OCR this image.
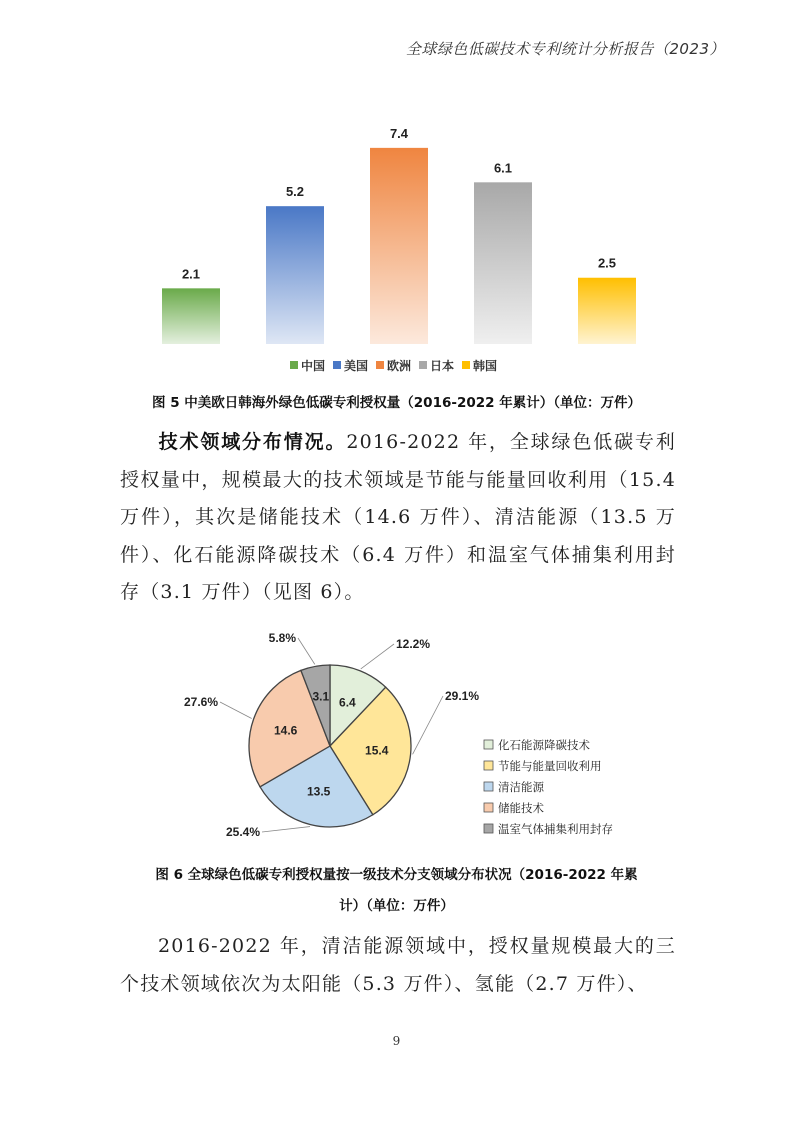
全球绿色低碳技术专利统计分析报告（2023）
2.1
5.2
7.4
6.1
2.5
中国 美国 欧洲 日本 韩国
图 5 中美欧日韩海外绿色低碳专利授权量（2016-2022 年累计）（单位：万件）
技术领域分布情况。2016-2022 年，全球绿色低碳专利授权量中，规模最大的技术领域是节能与能量回收利用（15.4 万件），其次是储能技术（14.6 万件）、清洁能源（13.5 万件）、化石能源降碳技术（6.4 万件）和温室气体捕集利用封存（3.1 万件）（见图 6）。
6.4
12.2%
15.4
29.1%
13.5
25.4%
14.6
27.6%	3.1
5.8%
化石能源降碳技术
节能与能量回收利用
清洁能源
储能技术
温室气体捕集利用封存
图 6 全球绿色低碳专利授权量按一级技术分支领域分布状况（2016-2022 年累
计）（单位：万件）
2016-2022 年，清洁能源领域中，授权量规模最大的三个技术领域依次为太阳能（5.3 万件）、氢能（2.7 万件）、
9
